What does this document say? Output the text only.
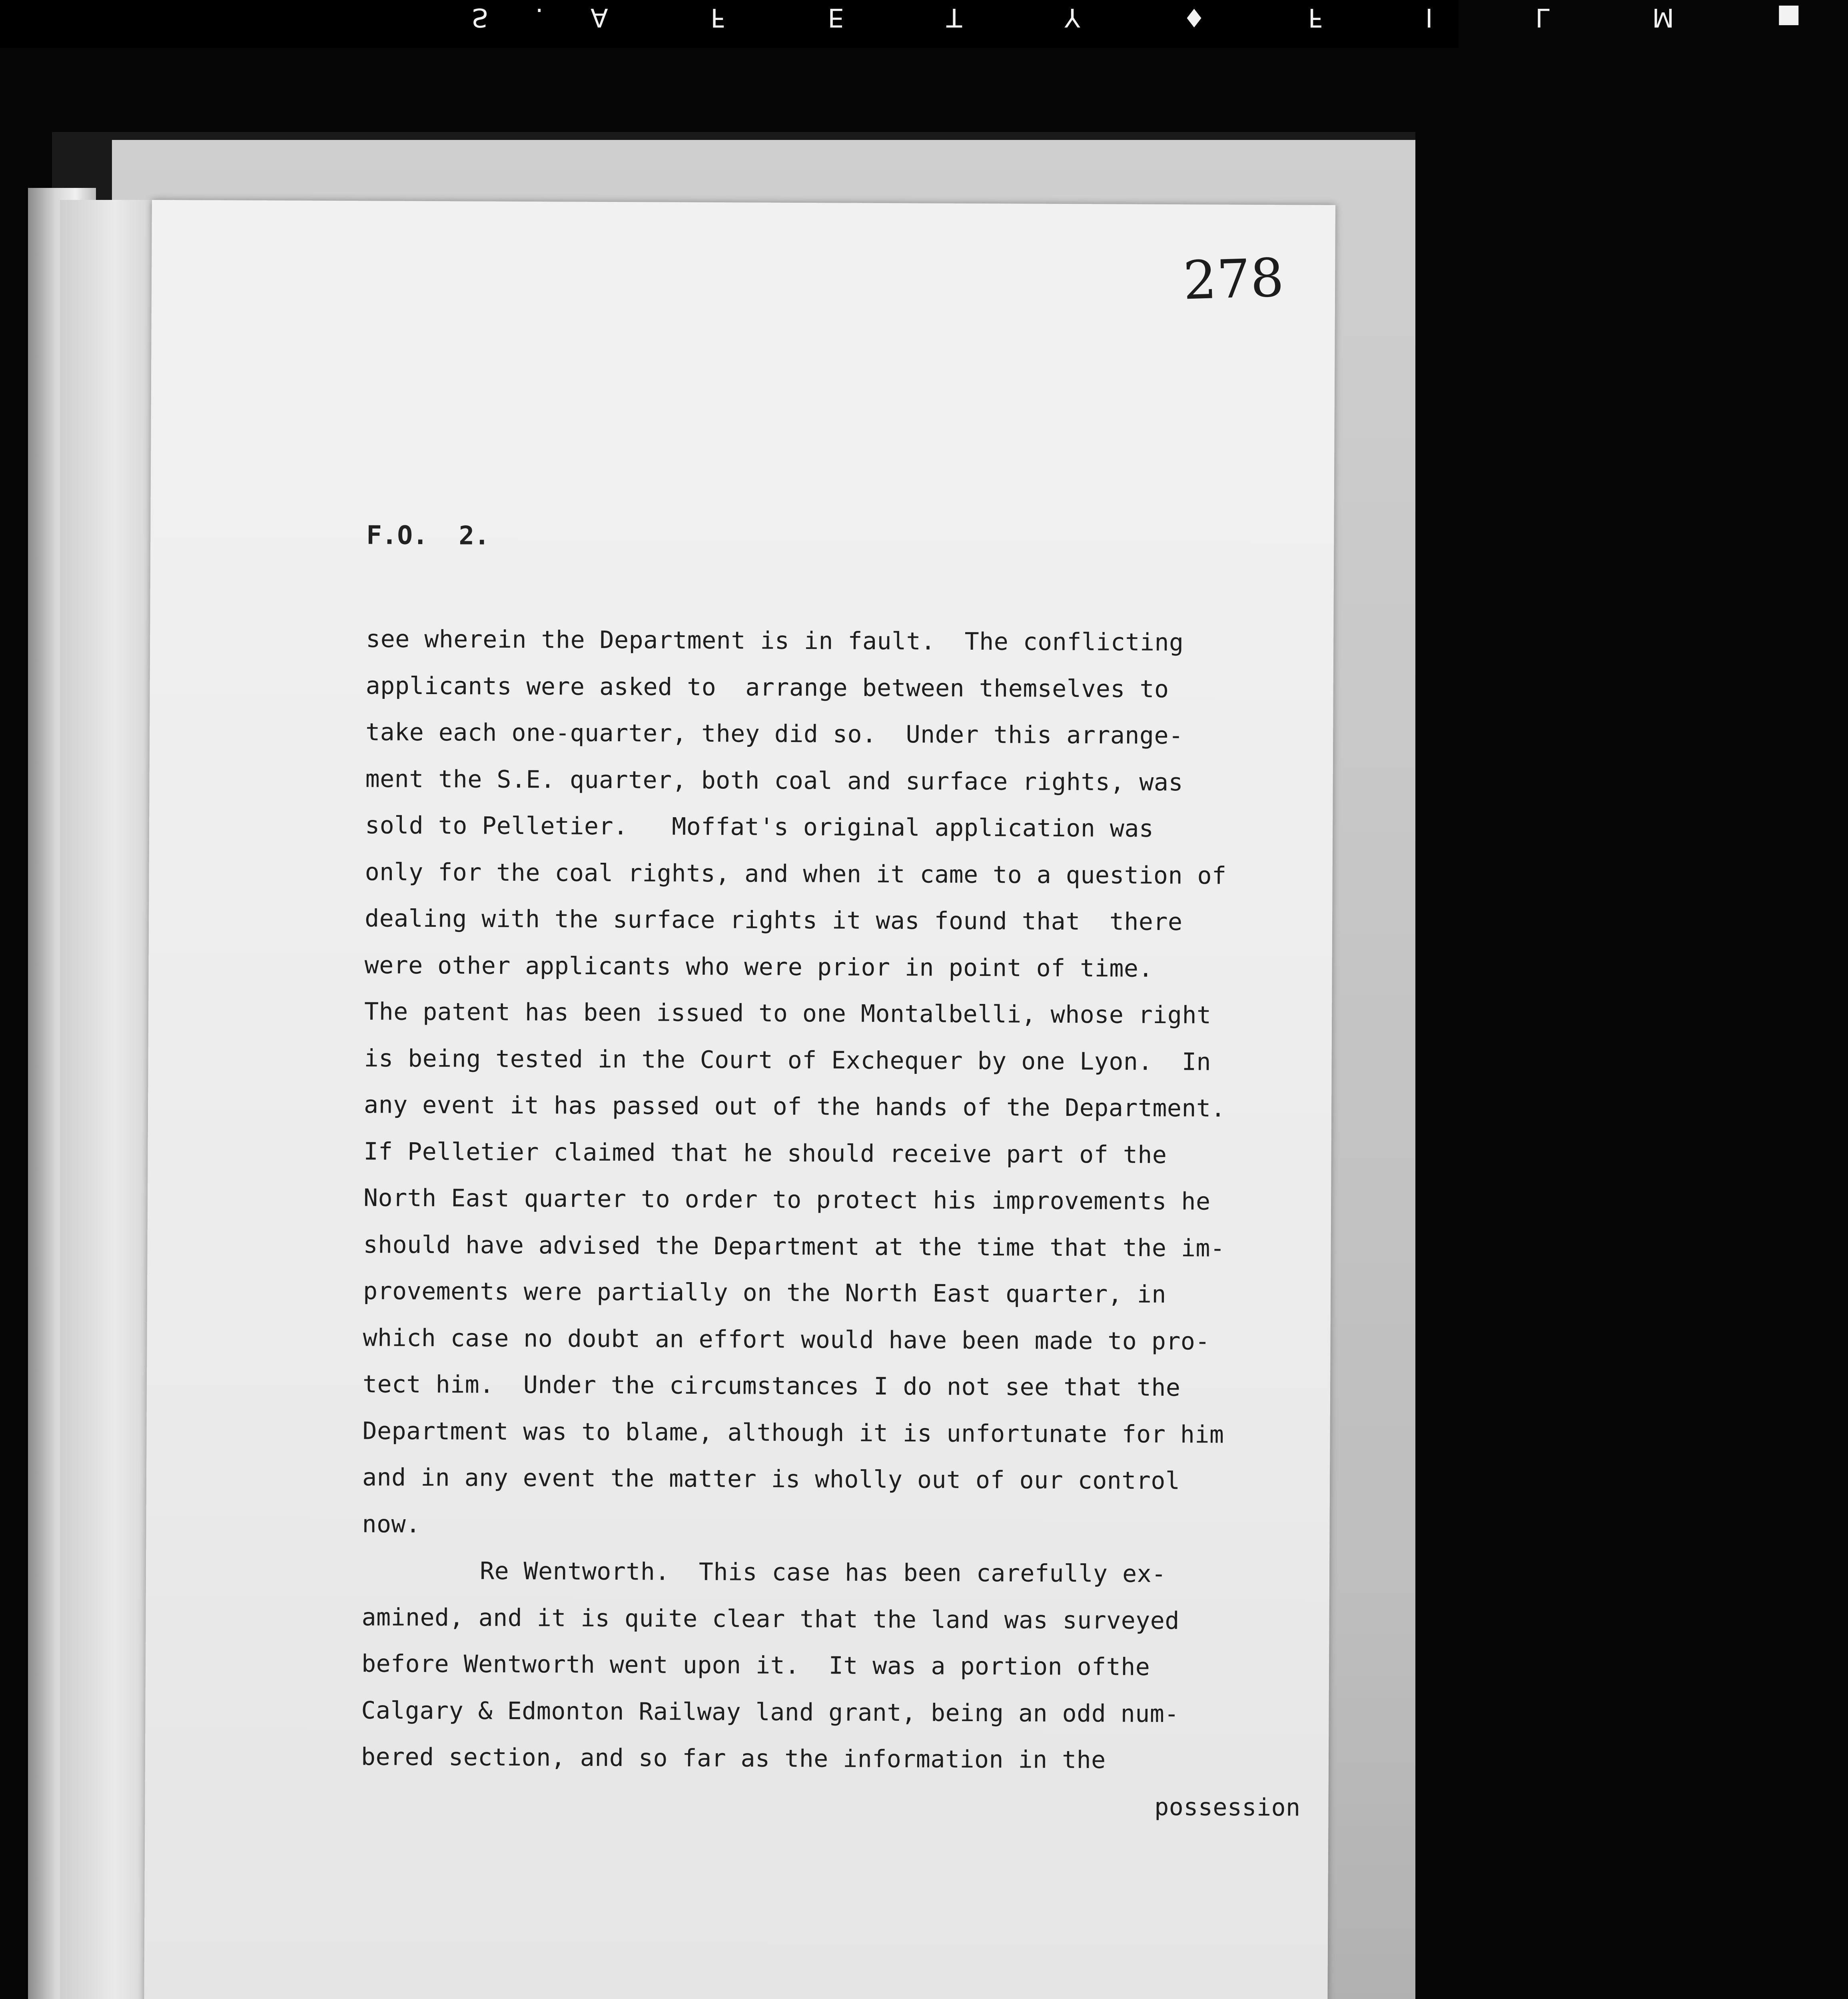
S.A F E T Y ♦ F I L M ■
278
F.O.  2.
see wherein the Department is in fault.  The conflicting
applicants were asked to  arrange between themselves to
take each one-quarter, they did so.  Under this arrange-
ment the S.E. quarter, both coal and surface rights, was
sold to Pelletier.   Moffat's original application was
only for the coal rights, and when it came to a question of
dealing with the surface rights it was found that  there
were other applicants who were prior in point of time.
The patent has been issued to one Montalbelli, whose right
is being tested in the Court of Exchequer by one Lyon.  In
any event it has passed out of the hands of the Department.
If Pelletier claimed that he should receive part of the
North East quarter to order to protect his improvements he
should have advised the Department at the time that the im-
provements were partially on the North East quarter, in
which case no doubt an effort would have been made to pro-
tect him.  Under the circumstances I do not see that the
Department was to blame, although it is unfortunate for him
and in any event the matter is wholly out of our control
now.
Re Wentworth.  This case has been carefully ex-
amined, and it is quite clear that the land was surveyed
before Wentworth went upon it.  It was a portion ofthe
Calgary & Edmonton Railway land grant, being an odd num-
bered section, and so far as the information in the
possession
